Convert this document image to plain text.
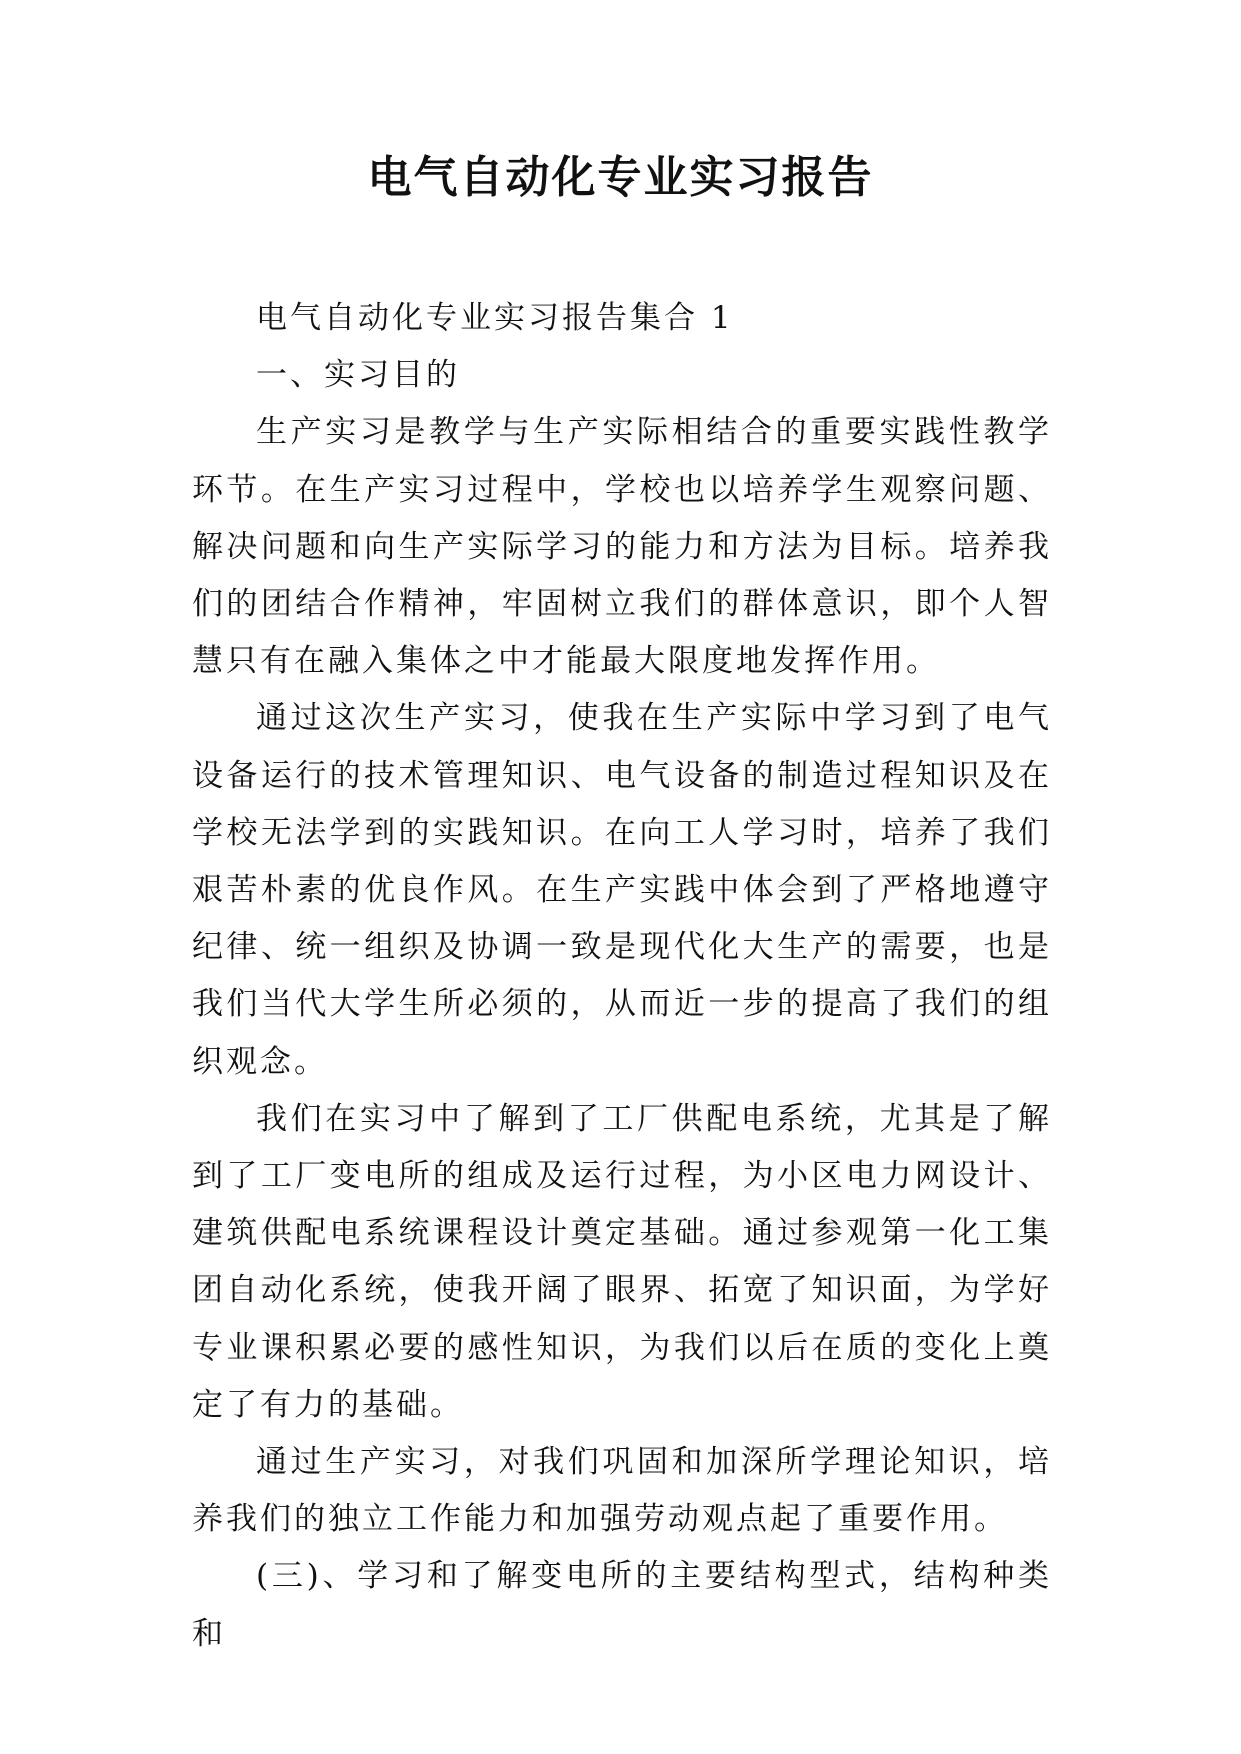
电气自动化专业实习报告

电气自动化专业实习报告集合 1

一、实习目的

生产实习是教学与生产实际相结合的重要实践性教学环节。在生产实习过程中，学校也以培养学生观察问题、解决问题和向生产实际学习的能力和方法为目标。培养我们的团结合作精神，牢固树立我们的群体意识，即个人智慧只有在融入集体之中才能最大限度地发挥作用。

通过这次生产实习，使我在生产实际中学习到了电气设备运行的技术管理知识、电气设备的制造过程知识及在学校无法学到的实践知识。在向工人学习时，培养了我们艰苦朴素的优良作风。在生产实践中体会到了严格地遵守纪律、统一组织及协调一致是现代化大生产的需要，也是我们当代大学生所必须的，从而近一步的提高了我们的组织观念。

我们在实习中了解到了工厂供配电系统，尤其是了解到了工厂变电所的组成及运行过程，为小区电力网设计、建筑供配电系统课程设计奠定基础。通过参观第一化工集团自动化系统，使我开阔了眼界、拓宽了知识面，为学好专业课积累必要的感性知识，为我们以后在质的变化上奠定了有力的基础。

通过生产实习，对我们巩固和加深所学理论知识，培养我们的独立工作能力和加强劳动观点起了重要作用。

(三)、学习和了解变电所的主要结构型式，结构种类和
